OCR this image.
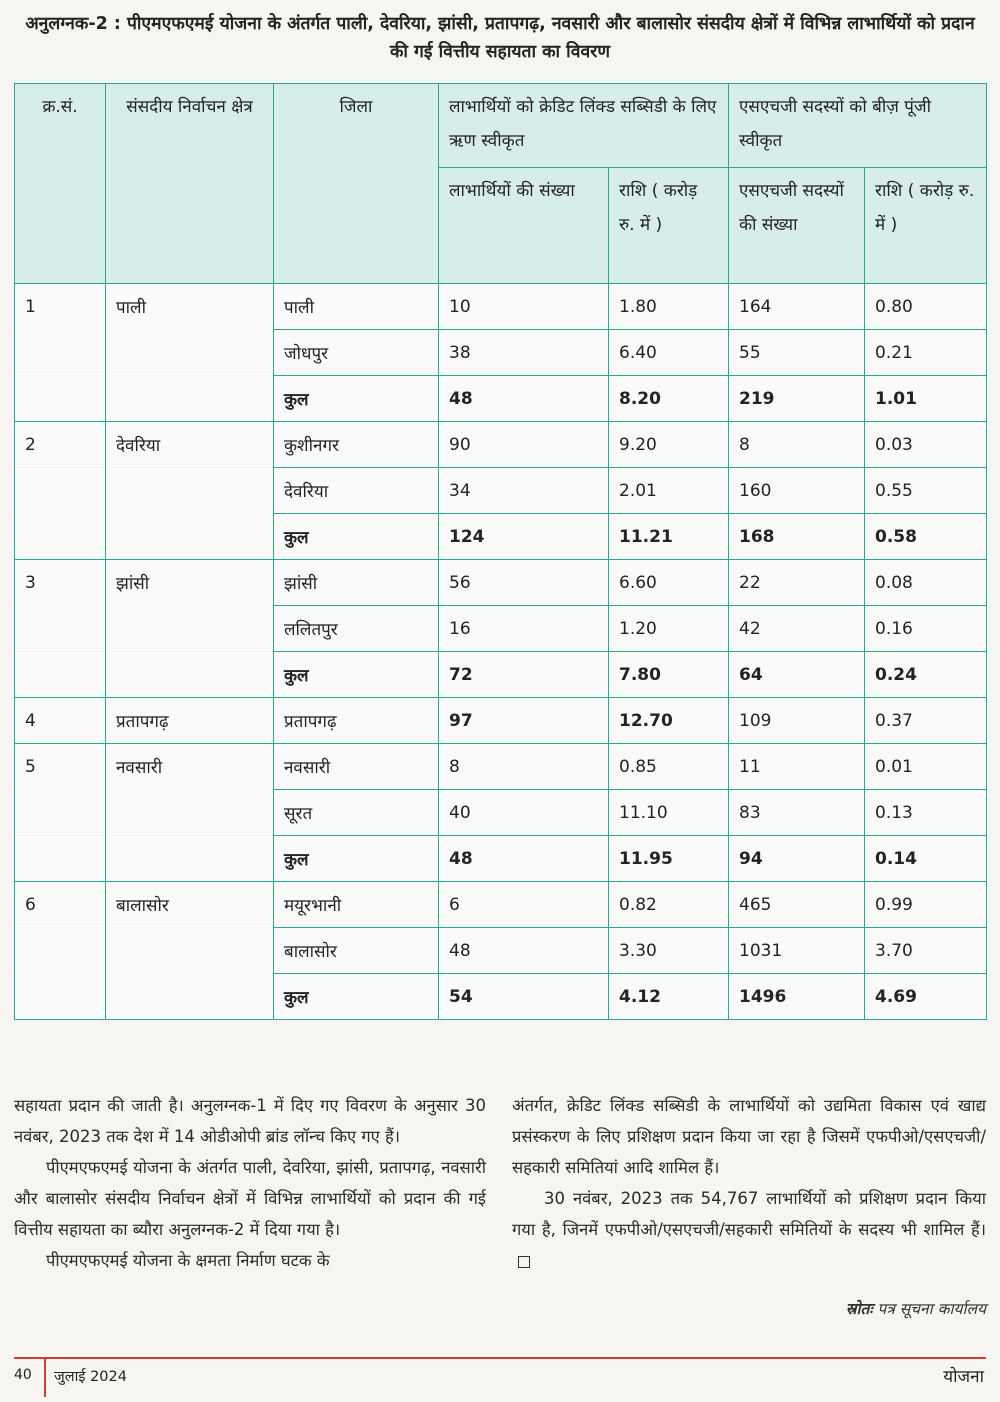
अनुलग्नक-2 : पीएमएफएमई योजना के अंतर्गत पाली, देवरिया, झांसी, प्रतापगढ़, नवसारी और बालासोर संसदीय क्षेत्रों में विभिन्न लाभार्थियों को प्रदान की गई वित्तीय सहायता का विवरण
क्र.सं.	संसदीय निर्वाचन क्षेत्र	जिला	लाभार्थियों को क्रेडिट लिंक्ड सब्सिडी के लिए ऋण स्वीकृत		एसएचजी सदस्यों को बीज़ पूंजी स्वीकृत	
			लाभार्थियों की संख्या	राशि ( करोड़ रु. में )	एसएचजी सदस्यों की संख्या	राशि ( करोड़ रु. में )
1	पाली	पाली	10	1.80	164	0.80
		जोधपुर	38	6.40	55	0.21
		कुल	48	8.20	219	1.01
2	देवरिया	कुशीनगर	90	9.20	8	0.03
		देवरिया	34	2.01	160	0.55
		कुल	124	11.21	168	0.58
3	झांसी	झांसी	56	6.60	22	0.08
		ललितपुर	16	1.20	42	0.16
		कुल	72	7.80	64	0.24
4	प्रतापगढ़	प्रतापगढ़	97	12.70	109	0.37
5	नवसारी	नवसारी	8	0.85	11	0.01
		सूरत	40	11.10	83	0.13
		कुल	48	11.95	94	0.14
6	बालासोर	मयूरभानी	6	0.82	465	0.99
		बालासोर	48	3.30	1031	3.70
		कुल	54	4.12	1496	4.69

सहायता प्रदान की जाती है। अनुलग्नक-1 में दिए गए विवरण के अनुसार 30 नवंबर, 2023 तक देश में 14 ओडीओपी ब्रांड लॉन्च किए गए हैं।

पीएमएफएमई योजना के अंतर्गत पाली, देवरिया, झांसी, प्रतापगढ़, नवसारी और बालासोर संसदीय निर्वाचन क्षेत्रों में विभिन्न लाभार्थियों को प्रदान की गई वित्तीय सहायता का ब्यौरा अनुलग्नक-2 में दिया गया है।

पीएमएफएमई योजना के क्षमता निर्माण घटक के

अंतर्गत, क्रेडिट लिंक्ड सब्सिडी के लाभार्थियों को उद्यमिता विकास एवं खाद्य प्रसंस्करण के लिए प्रशिक्षण प्रदान किया जा रहा है जिसमें एफपीओ/एसएचजी/सहकारी समितियां आदि शामिल हैं।

30 नवंबर, 2023 तक 54,767 लाभार्थियों को प्रशिक्षण प्रदान किया गया है, जिनमें एफपीओ/एसएचजी/सहकारी समितियों के सदस्य भी शामिल हैं।

स्रोतः पत्र सूचना कार्यालय
40 जुलाई 2024	योजना
